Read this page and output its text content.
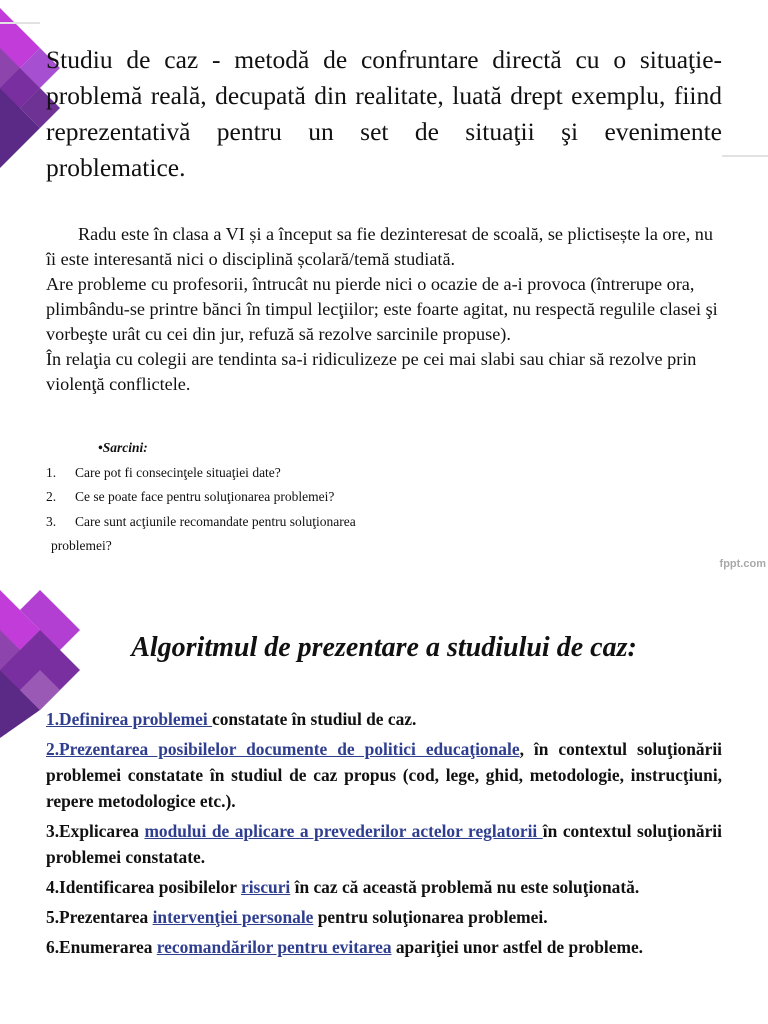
Studiu de caz - metodă de confruntare directă cu o situaţie-problemă reală, decupată din realitate, luată drept exemplu, fiind reprezentativă pentru un set de situaţii şi evenimente problematice.

Radu este în clasa a VI și a început sa fie dezinteresat de scoală, se plictisește la ore, nu îi este interesantă nici o disciplină școlară/temă studiată.

Are probleme cu profesorii, întrucât nu pierde nici o ocazie de a-i provoca (întrerupe ora, plimbându-se printre bănci în timpul lecţiilor; este foarte agitat, nu respectă regulile clasei şi vorbeşte urât cu cei din jur, refuză să rezolve sarcinile propuse).

În relaţia cu colegii are tendinta sa-i ridiculizeze pe cei mai slabi sau chiar să rezolve prin violenţă conflictele.

•Sarcini:
1.	Care pot fi consecinţele situaţiei date?
2.	Ce se poate face pentru soluţionarea problemei?
3.	Care sunt acţiunile recomandate pentru soluţionarea
problemei?
fppt.com
Algoritmul de prezentare a studiului de caz:

1.Definirea problemei constatate în studiul de caz.

2.Prezentarea posibilelor documente de politici educaţionale, în contextul soluţionării problemei constatate în studiul de caz propus (cod, lege, ghid, metodologie, instrucţiuni, repere metodologice etc.).

3.Explicarea modului de aplicare a prevederilor actelor reglatorii în contextul soluţionării problemei constatate.

4.Identificarea posibilelor riscuri în caz că această problemă nu este soluţionată.

5.Prezentarea intervenţiei personale pentru soluţionarea problemei.

6.Enumerarea recomandărilor pentru evitarea apariţiei unor astfel de probleme.
